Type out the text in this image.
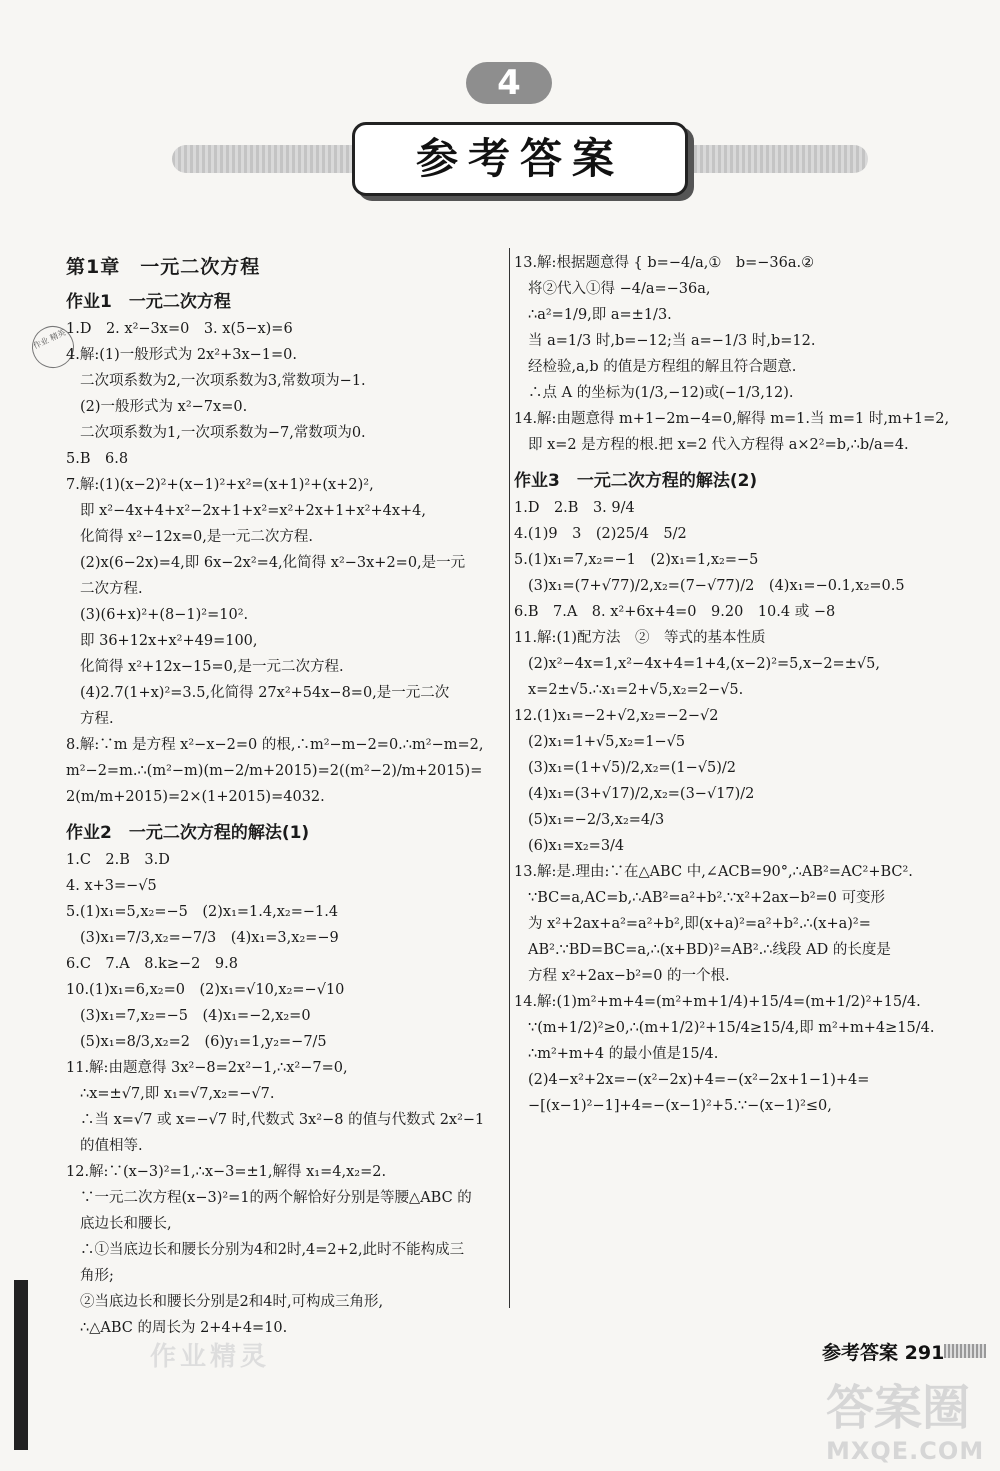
4
参考答案
作业 精英
第1章　一元二次方程
作业1　一元二次方程
1.D　2. x²−3x=0　3. x(5−x)=6
4.解:(1)一般形式为 2x²+3x−1=0.
二次项系数为2,一次项系数为3,常数项为−1.
(2)一般形式为 x²−7x=0.
二次项系数为1,一次项系数为−7,常数项为0.
5.B　6.8
7.解:(1)(x−2)²+(x−1)²+x²=(x+1)²+(x+2)²,
即 x²−4x+4+x²−2x+1+x²=x²+2x+1+x²+4x+4,
化简得 x²−12x=0,是一元二次方程.
(2)x(6−2x)=4,即 6x−2x²=4,化简得 x²−3x+2=0,是一元
二次方程.
(3)(6+x)²+(8−1)²=10².
即 36+12x+x²+49=100,
化简得 x²+12x−15=0,是一元二次方程.
(4)2.7(1+x)²=3.5,化简得 27x²+54x−8=0,是一元二次
方程.
8.解:∵m 是方程 x²−x−2=0 的根,∴m²−m−2=0.∴m²−m=2,
m²−2=m.∴(m²−m)(m−2/m+2015)=2((m²−2)/m+2015)=
2(m/m+2015)=2×(1+2015)=4032.
作业2　一元二次方程的解法(1)
1.C　2.B　3.D
4. x+3=−√5
5.(1)x₁=5,x₂=−5　(2)x₁=1.4,x₂=−1.4
(3)x₁=7/3,x₂=−7/3　(4)x₁=3,x₂=−9
6.C　7.A　8.k≥−2　9.8
10.(1)x₁=6,x₂=0　(2)x₁=√10,x₂=−√10
(3)x₁=7,x₂=−5　(4)x₁=−2,x₂=0
(5)x₁=8/3,x₂=2　(6)y₁=1,y₂=−7/5
11.解:由题意得 3x²−8=2x²−1,∴x²−7=0,
∴x=±√7,即 x₁=√7,x₂=−√7.
∴当 x=√7 或 x=−√7 时,代数式 3x²−8 的值与代数式 2x²−1
的值相等.
12.解:∵(x−3)²=1,∴x−3=±1,解得 x₁=4,x₂=2.
∵一元二次方程(x−3)²=1的两个解恰好分别是等腰△ABC 的
底边长和腰长,
∴①当底边长和腰长分别为4和2时,4=2+2,此时不能构成三
角形;
②当底边长和腰长分别是2和4时,可构成三角形,
∴△ABC 的周长为 2+4+4=10.
13.解:根据题意得 { b=−4/a,①　b=−36a.②
将②代入①得 −4/a=−36a,
∴a²=1/9,即 a=±1/3.
当 a=1/3 时,b=−12;当 a=−1/3 时,b=12.
经检验,a,b 的值是方程组的解且符合题意.
∴点 A 的坐标为(1/3,−12)或(−1/3,12).
14.解:由题意得 m+1−2m−4=0,解得 m=1.当 m=1 时,m+1=2,
即 x=2 是方程的根.把 x=2 代入方程得 a×2²=b,∴b/a=4.
作业3　一元二次方程的解法(2)
1.D　2.B　3. 9/4
4.(1)9　3　(2)25/4　5/2
5.(1)x₁=7,x₂=−1　(2)x₁=1,x₂=−5
(3)x₁=(7+√77)/2,x₂=(7−√77)/2　(4)x₁=−0.1,x₂=0.5
6.B　7.A　8. x²+6x+4=0　9.20　10.4 或 −8
11.解:(1)配方法　②　等式的基本性质
(2)x²−4x=1,x²−4x+4=1+4,(x−2)²=5,x−2=±√5,
x=2±√5.∴x₁=2+√5,x₂=2−√5.
12.(1)x₁=−2+√2,x₂=−2−√2
(2)x₁=1+√5,x₂=1−√5
(3)x₁=(1+√5)/2,x₂=(1−√5)/2
(4)x₁=(3+√17)/2,x₂=(3−√17)/2
(5)x₁=−2/3,x₂=4/3
(6)x₁=x₂=3/4
13.解:是.理由:∵在△ABC 中,∠ACB=90°,∴AB²=AC²+BC².
∵BC=a,AC=b,∴AB²=a²+b².∵x²+2ax−b²=0 可变形
为 x²+2ax+a²=a²+b²,即(x+a)²=a²+b².∴(x+a)²=
AB².∵BD=BC=a,∴(x+BD)²=AB².∴线段 AD 的长度是
方程 x²+2ax−b²=0 的一个根.
14.解:(1)m²+m+4=(m²+m+1/4)+15/4=(m+1/2)²+15/4.
∵(m+1/2)²≥0,∴(m+1/2)²+15/4≥15/4,即 m²+m+4≥15/4.
∴m²+m+4 的最小值是15/4.
(2)4−x²+2x=−(x²−2x)+4=−(x²−2x+1−1)+4=
−[(x−1)²−1]+4=−(x−1)²+5.∵−(x−1)²≤0,
作业精灵	参考答案 291
答案圈
MXQE.COM
